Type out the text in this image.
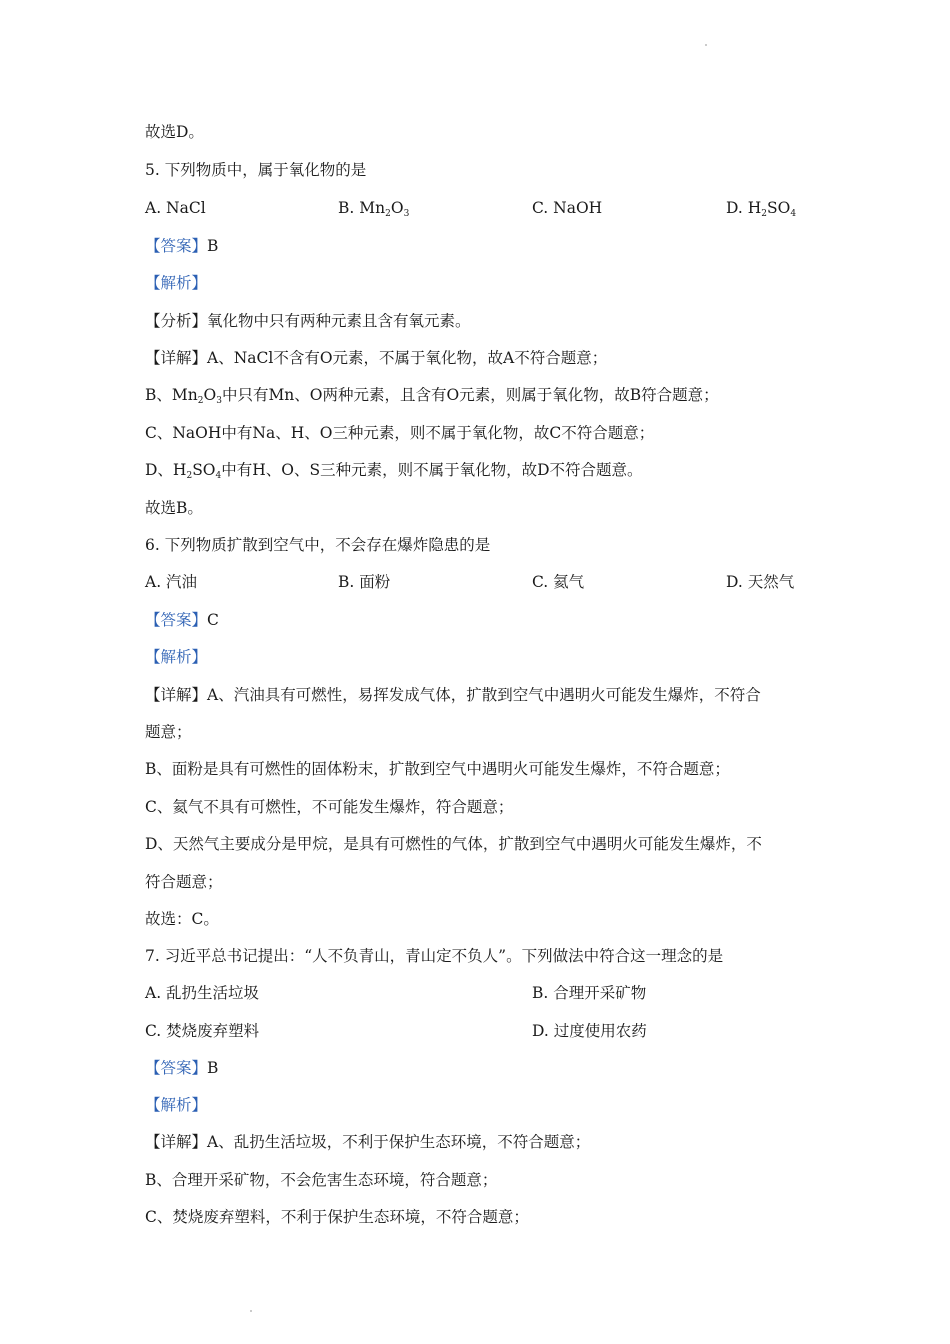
故选D。
5. 下列物质中，属于氧化物的是
A. NaCl	B. $Mn_2O_3$	C. NaOH	D. $H_2SO_4$
【答案】B
【解析】
【分析】氧化物中只有两种元素且含有氧元素。
【详解】A、NaCl不含有O元素，不属于氧化物，故A不符合题意；
B、$Mn_2O_3$中只有Mn、O两种元素，且含有O元素，则属于氧化物，故B符合题意；
C、NaOH中有Na、H、O三种元素，则不属于氧化物，故C不符合题意；
D、$H_2SO_4$中有H、O、S三种元素，则不属于氧化物，故D不符合题意。
故选B。
6. 下列物质扩散到空气中，不会存在爆炸隐患的是
A. 汽油	B. 面粉	C. 氦气	D. 天然气
【答案】C
【解析】
【详解】A、汽油具有可燃性，易挥发成气体，扩散到空气中遇明火可能发生爆炸，不符合
题意；
B、面粉是具有可燃性的固体粉末，扩散到空气中遇明火可能发生爆炸，不符合题意；
C、氦气不具有可燃性，不可能发生爆炸，符合题意；
D、天然气主要成分是甲烷，是具有可燃性的气体，扩散到空气中遇明火可能发生爆炸，不
符合题意；
故选：C。
7. 习近平总书记提出：“人不负青山，青山定不负人”。下列做法中符合这一理念的是
A. 乱扔生活垃圾	B. 合理开采矿物
C. 焚烧废弃塑料	D. 过度使用农药
【答案】B
【解析】
【详解】A、乱扔生活垃圾，不利于保护生态环境，不符合题意；
B、合理开采矿物，不会危害生态环境，符合题意；
C、焚烧废弃塑料，不利于保护生态环境，不符合题意；
